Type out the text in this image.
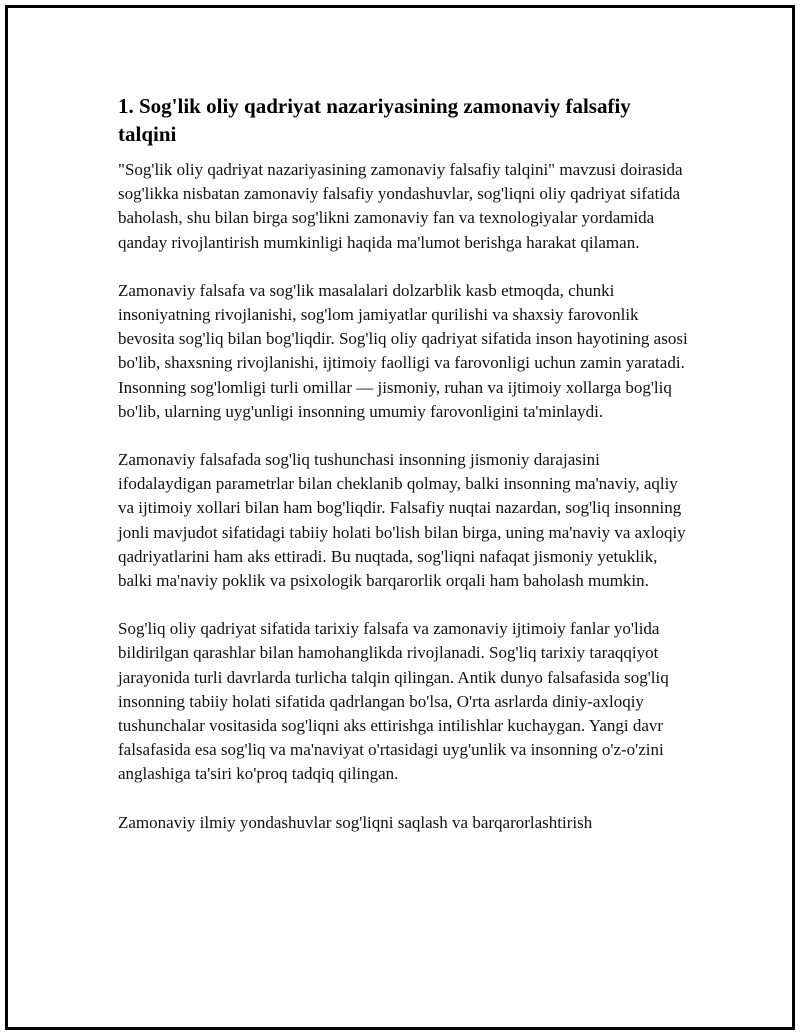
1. Sog'lik oliy qadriyat nazariyasining zamonaviy falsafiy talqini

"Sog'lik oliy qadriyat nazariyasining zamonaviy falsafiy talqini" mavzusi doirasida sog'likka nisbatan zamonaviy falsafiy yondashuvlar, sog'liqni oliy qadriyat sifatida baholash, shu bilan birga sog'likni zamonaviy fan va texnologiyalar yordamida qanday rivojlantirish mumkinligi haqida ma'lumot berishga harakat qilaman.

Zamonaviy falsafa va sog'lik masalalari dolzarblik kasb etmoqda, chunki insoniyatning rivojlanishi, sog'lom jamiyatlar qurilishi va shaxsiy farovonlik bevosita sog'liq bilan bog'liqdir. Sog'liq oliy qadriyat sifatida inson hayotining asosi bo'lib, shaxsning rivojlanishi, ijtimoiy faolligi va farovonligi uchun zamin yaratadi. Insonning sog'lomligi turli omillar — jismoniy, ruhan va ijtimoiy xollarga bog'liq bo'lib, ularning uyg'unligi insonning umumiy farovonligini ta'minlaydi.

Zamonaviy falsafada sog'liq tushunchasi insonning jismoniy darajasini ifodalaydigan parametrlar bilan cheklanib qolmay, balki insonning ma'naviy, aqliy va ijtimoiy xollari bilan ham bog'liqdir. Falsafiy nuqtai nazardan, sog'liq insonning jonli mavjudot sifatidagi tabiiy holati bo'lish bilan birga, uning ma'naviy va axloqiy qadriyatlarini ham aks ettiradi. Bu nuqtada, sog'liqni nafaqat jismoniy yetuklik, balki ma'naviy poklik va psixologik barqarorlik orqali ham baholash mumkin.

Sog'liq oliy qadriyat sifatida tarixiy falsafa va zamonaviy ijtimoiy fanlar yo'lida bildirilgan qarashlar bilan hamohanglikda rivojlanadi. Sog'liq tarixiy taraqqiyot jarayonida turli davrlarda turlicha talqin qilingan. Antik dunyo falsafasida sog'liq insonning tabiiy holati sifatida qadrlangan bo'lsa, O'rta asrlarda diniy-axloqiy tushunchalar vositasida sog'liqni aks ettirishga intilishlar kuchaygan. Yangi davr falsafasida esa sog'liq va ma'naviyat o'rtasidagi uyg'unlik va insonning o'z-o'zini anglashiga ta'siri ko'proq tadqiq qilingan.

Zamonaviy ilmiy yondashuvlar sog'liqni saqlash va barqarorlashtirish
